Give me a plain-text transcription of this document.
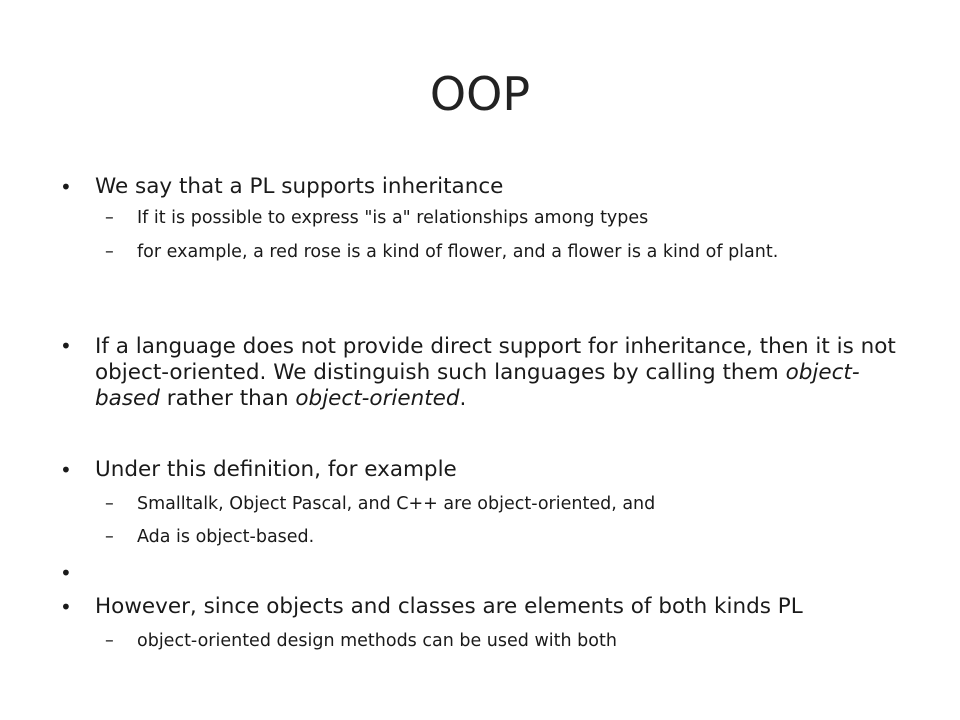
OOP
• We say that a PL supports inheritance
– If it is possible to express "is a" relationships among types
– for example, a red rose is a kind of flower, and a flower is a kind of plant.
• If a language does not provide direct support for inheritance, then it is not object-oriented. We distinguish such languages by calling them object-based rather than object-oriented.
• Under this definition, for example
– Smalltalk, Object Pascal, and C++ are object-oriented, and
– Ada is object-based.
•
• However, since objects and classes are elements of both kinds PL
– object-oriented design methods can be used with both
